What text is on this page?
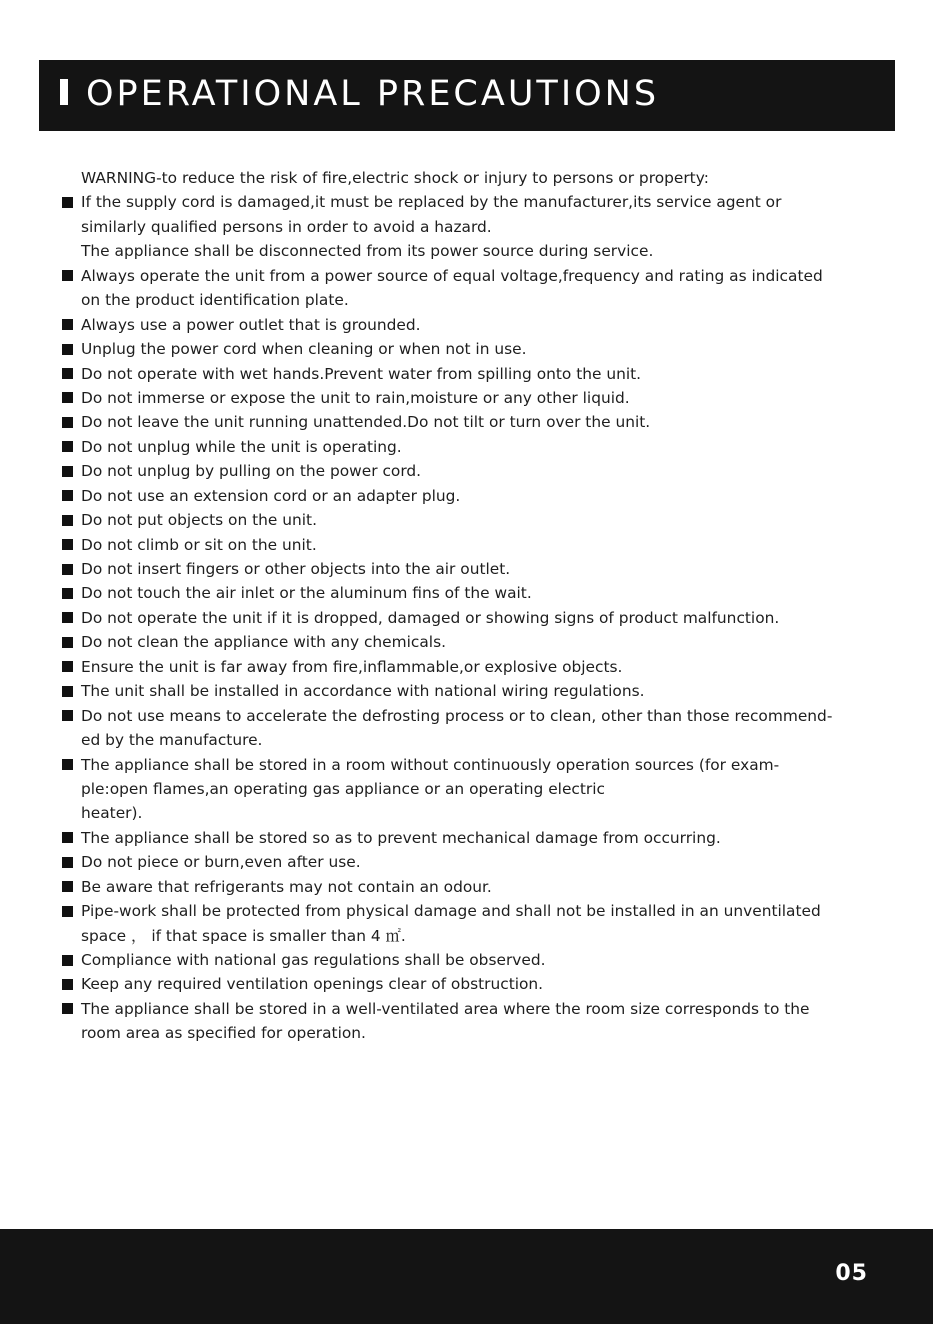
OPERATIONAL PRECAUTIONS
WARNING-to reduce the risk of fire,electric shock or injury to persons or property:
If the supply cord is damaged,it must be replaced by the manufacturer,its service agent or
similarly qualified persons in order to avoid a hazard.
The appliance shall be disconnected from its power source during service.
Always operate the unit from a power source of equal voltage,frequency and rating as indicated
on the product identification plate.
Always use a power outlet that is grounded.
Unplug the power cord when cleaning or when not in use.
Do not operate with wet hands.Prevent water from spilling onto the unit.
Do not immerse or expose the unit to rain,moisture or any other liquid.
Do not leave the unit running unattended.Do not tilt or turn over the unit.
Do not unplug while the unit is operating.
Do not unplug by pulling on the power cord.
Do not use an extension cord or an adapter plug.
Do not put objects on the unit.
Do not climb or sit on the unit.
Do not insert fingers or other objects into the air outlet.
Do not touch the air inlet or the aluminum fins of the wait.
Do not operate the unit if it is dropped, damaged or showing signs of product malfunction.
Do not clean the appliance with any chemicals.
Ensure the unit is far away from fire,inflammable,or explosive objects.
The unit shall be installed in accordance with national wiring regulations.
Do not use means to accelerate the defrosting process or to clean, other than those recommend-
ed by the manufacture.
The appliance shall be stored in a room without continuously operation sources (for exam-
ple:open flames,an operating gas appliance or an operating electric
heater).
The appliance shall be stored so as to prevent mechanical damage from occurring.
Do not piece or burn,even after use.
Be aware that refrigerants may not contain an odour.
Pipe-work shall be protected from physical damage and shall not be installed in an unventilated
space ， if that space is smaller than 4 ㎡.
Compliance with national gas regulations shall be observed.
Keep any required ventilation openings clear of obstruction.
The appliance shall be stored in a well-ventilated area where the room size corresponds to the
room area as specified for operation.
05
